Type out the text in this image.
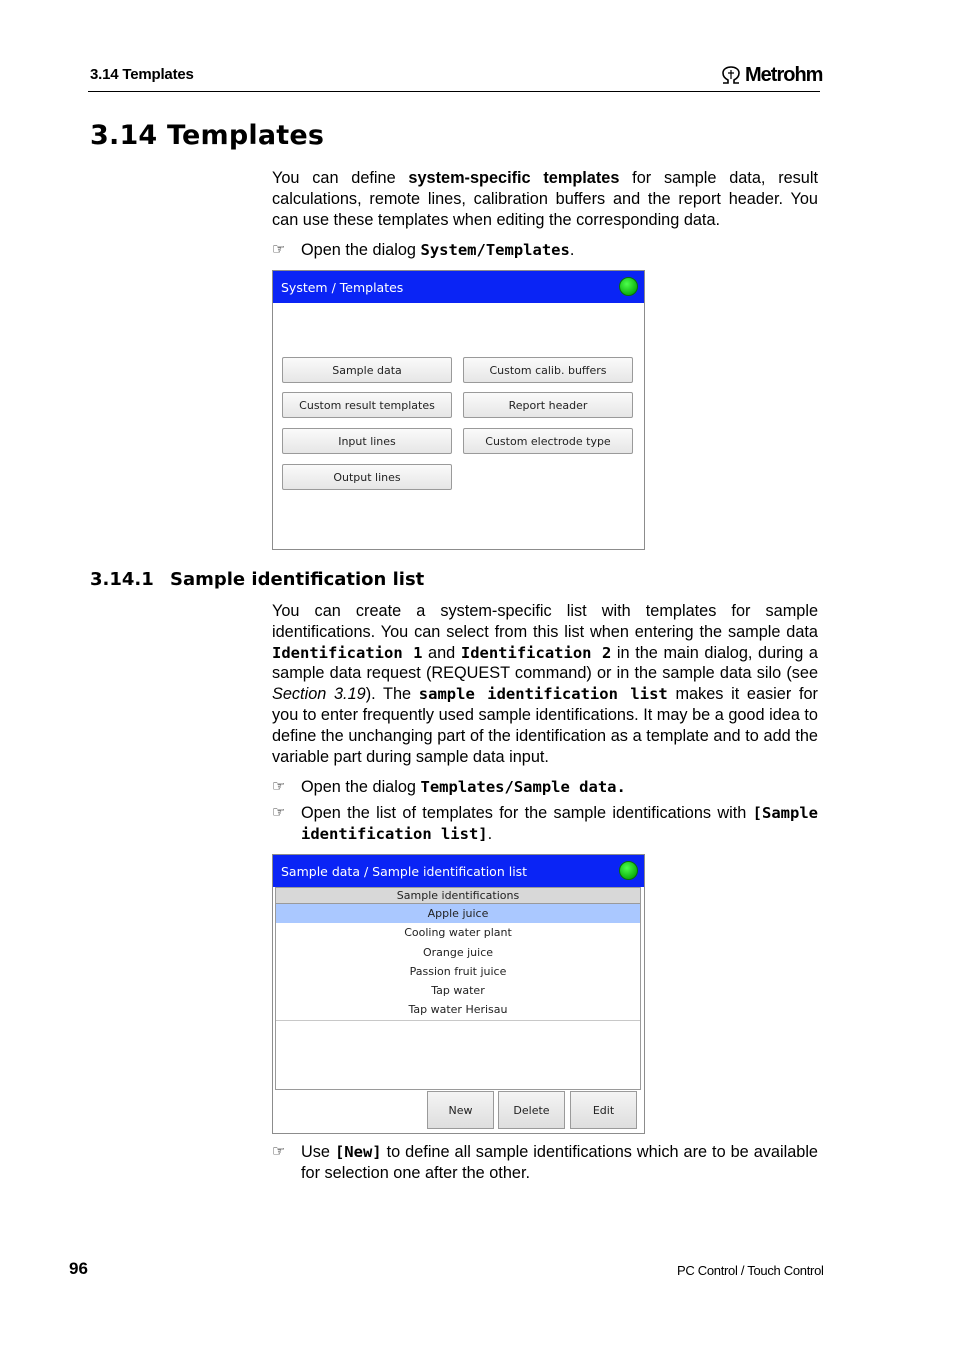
3.14 Templates	Metrohm
3.14 Templates
You can define system-specific templates for sample data, result calculations, remote lines, calibration buffers and the report header. You can use these templates when editing the corresponding data.
☞ Open the dialog System/Templates.
System / Templates
Sample data	Custom calib. buffers
Custom result templates	Report header
Input lines	Custom electrode type
Output lines
3.14.1 Sample identification list
You can create a system-specific list with templates for sample identifications. You can select from this list when entering the sample data Identification 1 and Identification 2 in the main dialog, during a sample data request (REQUEST command) or in the sample data silo (see Section 3.19). The sample identification list makes it easier for you to enter frequently used sample identifications. It may be a good idea to define the unchanging part of the identification as a template and to add the variable part during sample data input.
☞ Open the dialog Templates/Sample data.
☞ Open the list of templates for the sample identifications with [Sample identification list].
Sample data / Sample identification list
Sample identifications
Apple juice
Cooling water plant
Orange juice
Passion fruit juice
Tap water
Tap water Herisau
New	Delete	Edit
☞ Use [New] to define all sample identifications which are to be available for selection one after the other.
96	PC Control / Touch Control
